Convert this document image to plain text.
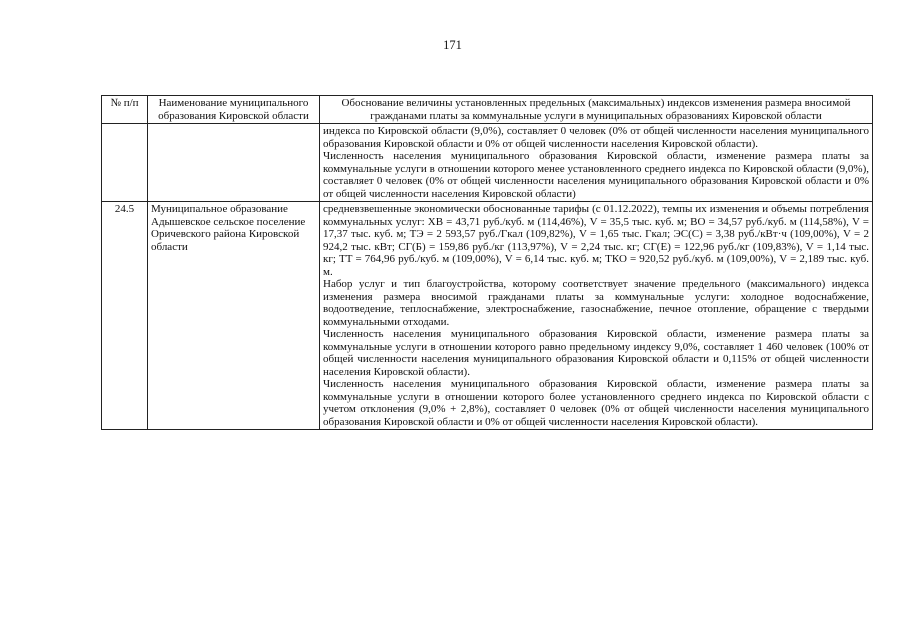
171
№ п/п	Наименование муниципального образования Кировской области	Обоснование величины установленных предельных (максимальных) индексов изменения размера вносимой гражданами платы за коммунальные услуги в муниципальных образованиях Кировской области

		индекса по Кировской области (9,0%), составляет 0 человек (0% от общей численности населения муниципального образования Кировской области и 0% от общей численности населения Кировской области).

Численность населения муниципального образования Кировской области, изменение размера платы за коммунальные услуги в отношении которого менее установленного среднего индекса по Кировской области (9,0%), составляет 0 человек (0% от общей численности населения муниципального образования Кировской области и 0% от общей численности населения Кировской области)

24.5	Муниципальное образование Адышевское сельское поселение Оричевского района Кировской области	средневзвешенные экономически обоснованные тарифы (с 01.12.2022), темпы их изменения и объемы потребления коммунальных услуг: ХВ = 43,71 руб./куб. м (114,46%), V = 35,5 тыс. куб. м; ВО = 34,57 руб./куб. м (114,58%), V = 17,37 тыс. куб. м; ТЭ = 2 593,57 руб./Гкал (109,82%), V = 1,65 тыс. Гкал; ЭС(С) = 3,38 руб./кВт·ч (109,00%), V = 2 924,2 тыс. кВт; СГ(Б) = 159,86 руб./кг (113,97%), V = 2,24 тыс. кг; СГ(Е) = 122,96 руб./кг (109,83%), V = 1,14 тыс. кг; ТТ = 764,96 руб./куб. м (109,00%), V = 6,14 тыс. куб. м; ТКО = 920,52 руб./куб. м (109,00%), V = 2,189 тыс. куб. м.

Набор услуг и тип благоустройства, которому соответствует значение предельного (максимального) индекса изменения размера вносимой гражданами платы за коммунальные услуги: холодное водоснабжение, водоотведение, теплоснабжение, электроснабжение, газоснабжение, печное отопление, обращение с твердыми коммунальными отходами.

Численность населения муниципального образования Кировской области, изменение размера платы за коммунальные услуги в отношении которого равно предельному индексу 9,0%, составляет 1 460 человек (100% от общей численности населения муниципального образования Кировской области и 0,115% от общей численности населения Кировской области).

Численность населения муниципального образования Кировской области, изменение размера платы за коммунальные услуги в отношении которого более установленного среднего индекса по Кировской области с учетом отклонения (9,0% + 2,8%), составляет 0 человек (0% от общей численности населения муниципального образования Кировской области и 0% от общей численности населения Кировской области).
